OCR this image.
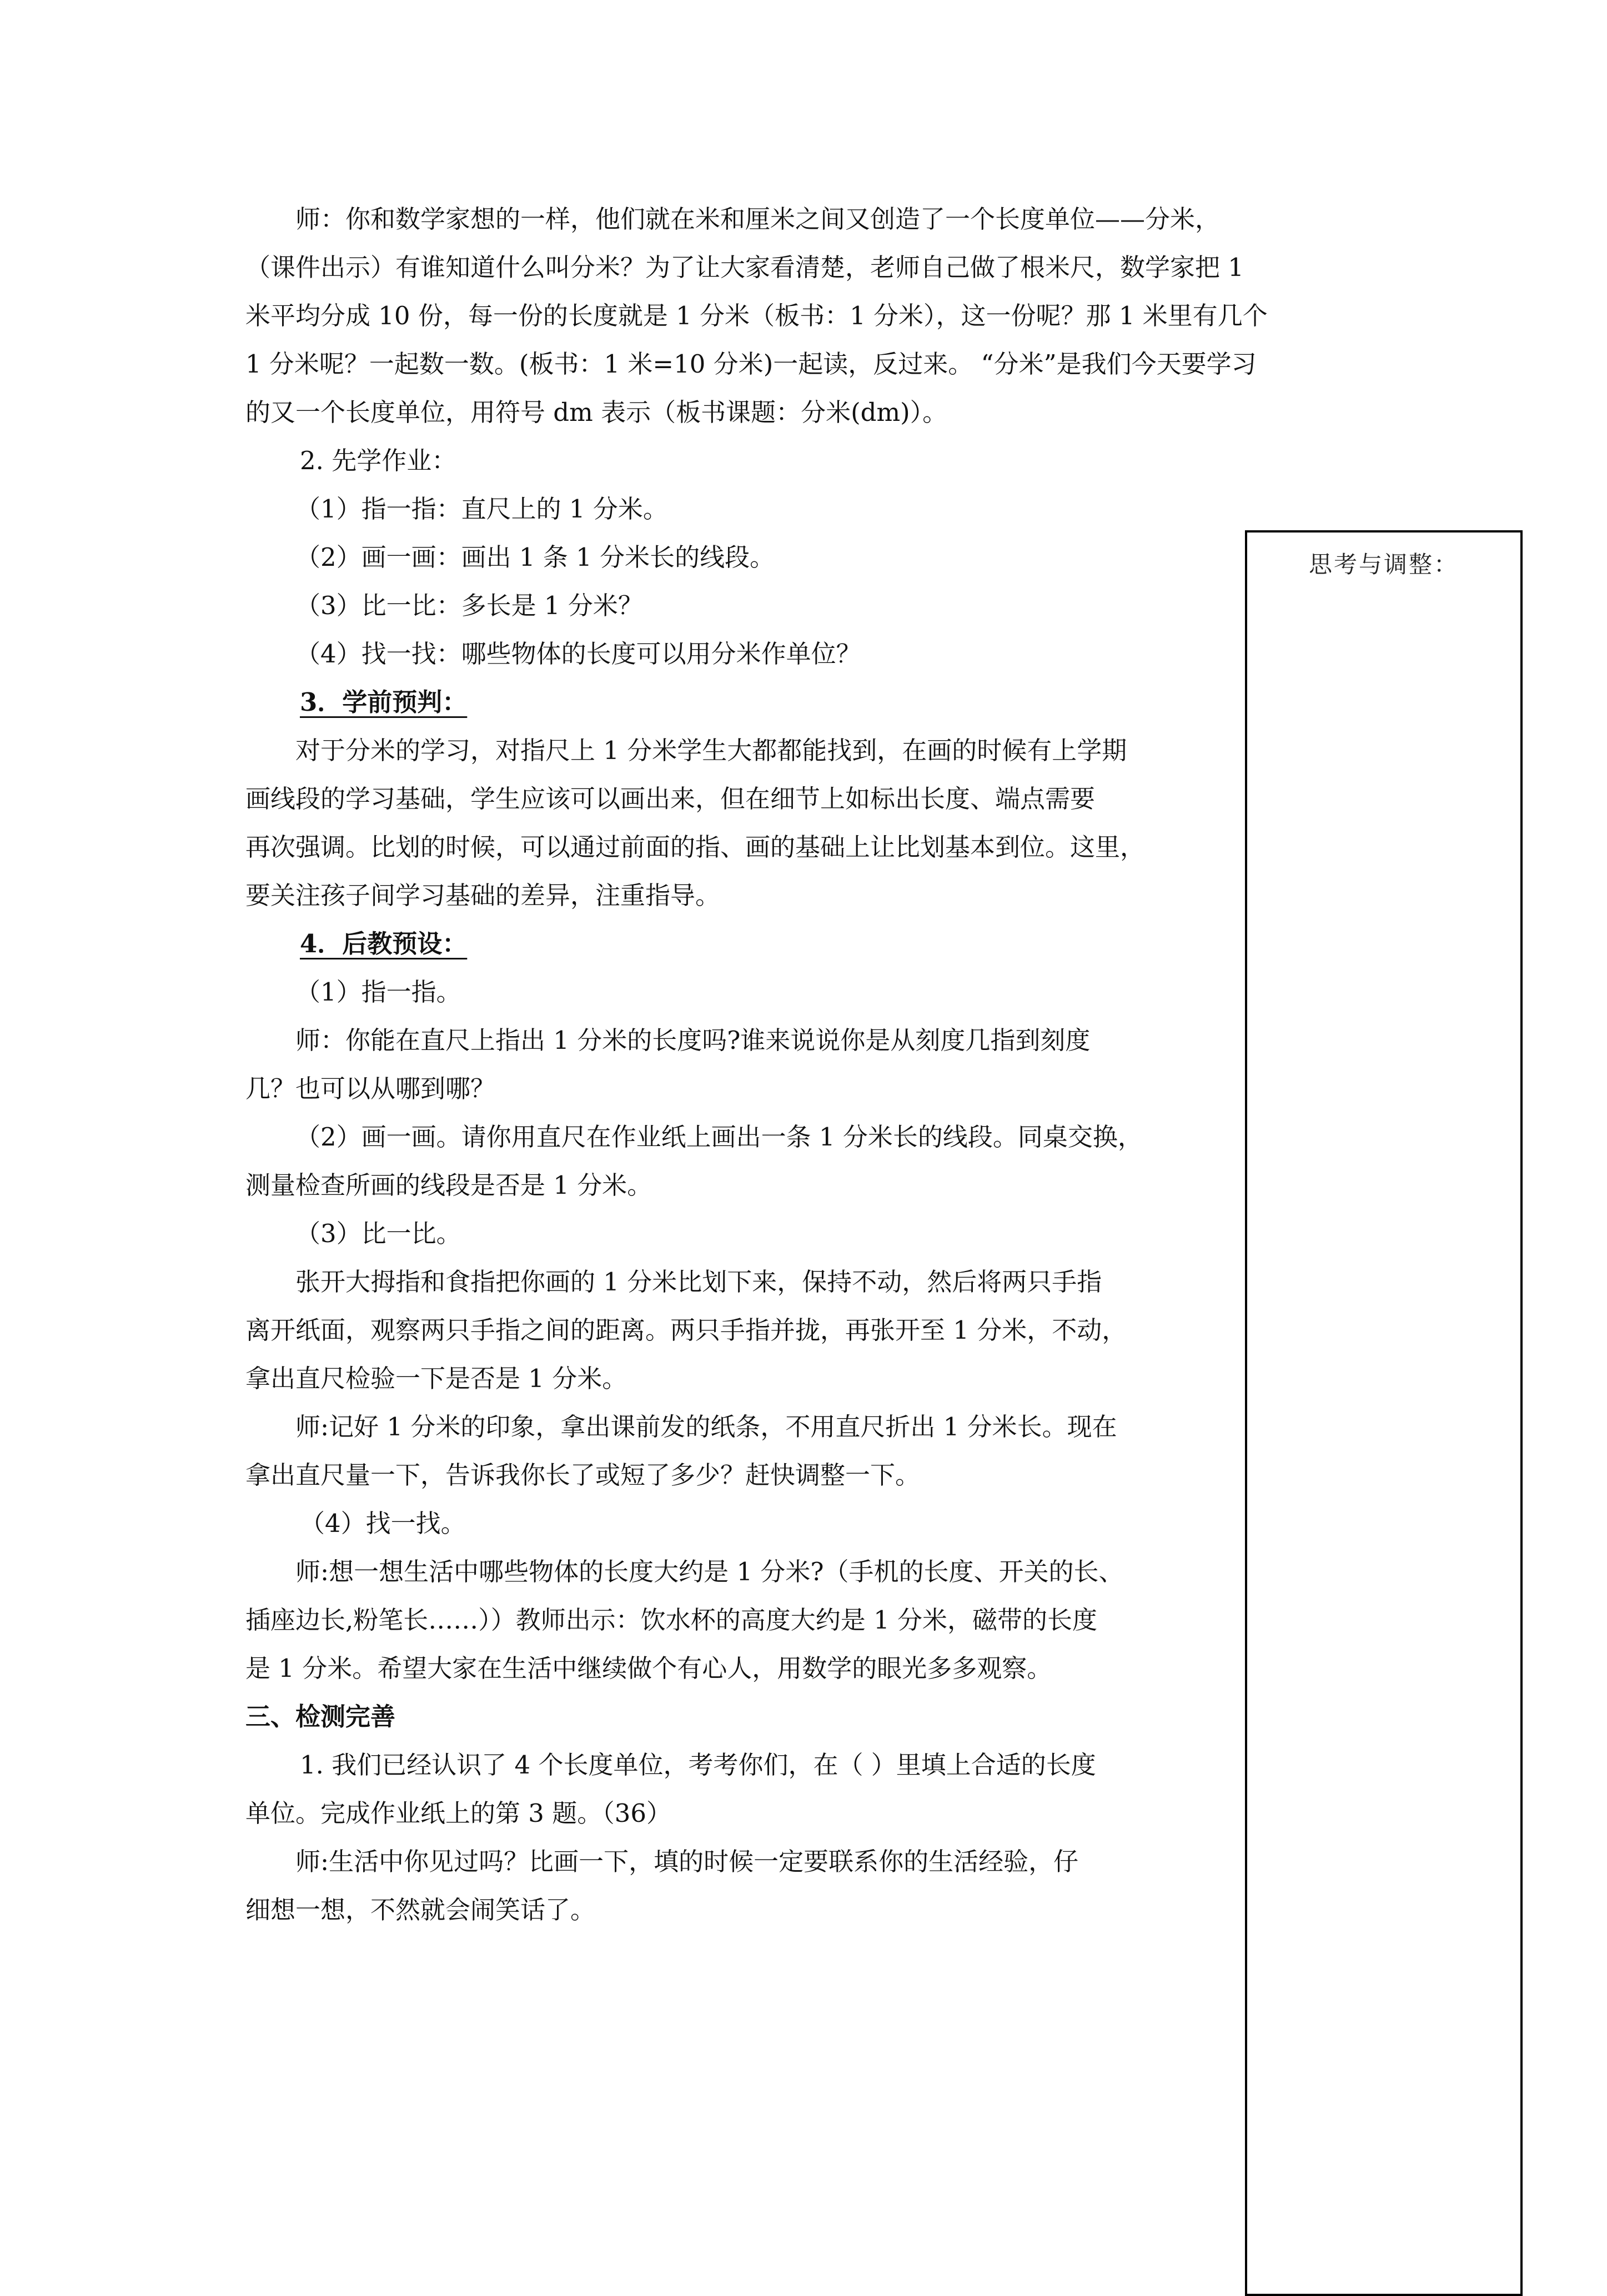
师：你和数学家想的一样，他们就在米和厘米之间又创造了一个长度单位——分米，

（课件出示）有谁知道什么叫分米？为了让大家看清楚，老师自己做了根米尺，数学家把 1

米平均分成 10 份，每一份的长度就是 1 分米（板书：1 分米），这一份呢？那 1 米里有几个

1 分米呢？一起数一数。(板书：1 米=10 分米)一起读，反过来。 “分米”是我们今天要学习

的又一个长度单位，用符号 dm 表示（板书课题：分米(dm)）。

2. 先学作业：

（1）指一指：直尺上的 1 分米。

（2）画一画：画出 1 条 1 分米长的线段。

（3）比一比：多长是 1 分米？

（4）找一找：哪些物体的长度可以用分米作单位？

3．学前预判：

对于分米的学习，对指尺上 1 分米学生大都都能找到，在画的时候有上学期

画线段的学习基础，学生应该可以画出来，但在细节上如标出长度、端点需要

再次强调。比划的时候，可以通过前面的指、画的基础上让比划基本到位。这里，

要关注孩子间学习基础的差异，注重指导。

4．后教预设：

（1）指一指。

师：你能在直尺上指出 1 分米的长度吗?谁来说说你是从刻度几指到刻度

几？也可以从哪到哪？

（2）画一画。请你用直尺在作业纸上画出一条 1 分米长的线段。同桌交换，

测量检查所画的线段是否是 1 分米。

（3）比一比。

张开大拇指和食指把你画的 1 分米比划下来，保持不动，然后将两只手指

离开纸面，观察两只手指之间的距离。两只手指并拢，再张开至 1 分米，不动，

拿出直尺检验一下是否是 1 分米。

师:记好 1 分米的印象，拿出课前发的纸条，不用直尺折出 1 分米长。现在

拿出直尺量一下，告诉我你长了或短了多少？赶快调整一下。

（4）找一找。

师:想一想生活中哪些物体的长度大约是 1 分米?（手机的长度、开关的长、

插座边长,粉笔长……））教师出示：饮水杯的高度大约是 1 分米，磁带的长度

是 1 分米。希望大家在生活中继续做个有心人，用数学的眼光多多观察。

三、检测完善

1. 我们已经认识了 4 个长度单位，考考你们，在（ ）里填上合适的长度

单位。完成作业纸上的第 3 题。（36）

师:生活中你见过吗？比画一下，填的时候一定要联系你的生活经验，仔

细想一想，不然就会闹笑话了。

思考与调整：
